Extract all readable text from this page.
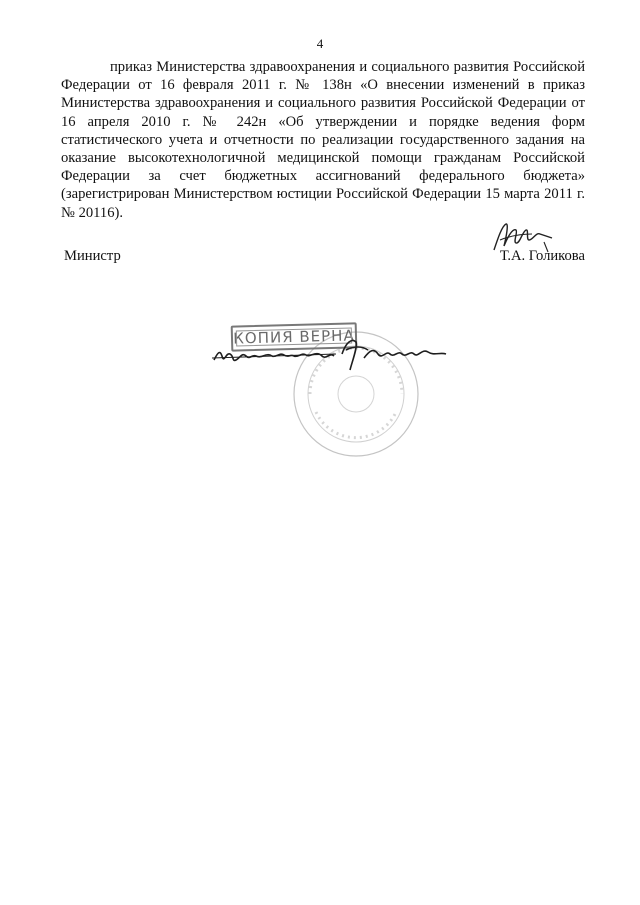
4

приказ Министерства здравоохранения и социального развития Российской Федерации от 16 февраля 2011 г. № 138н «О внесении изменений в приказ Министерства здравоохранения и социального развития Российской Федерации от 16 апреля 2010 г. № 242н «Об утверждении и порядке ведения форм статистического учета и отчетности по реализации государственного задания на оказание высокотехнологичной медицинской помощи гражданам Российской Федерации за счет бюджетных ассигнований федерального бюджета» (зарегистрирован Министерством юстиции Российской Федерации 15 марта 2011 г. № 20116).

Министр	Т.А. Голикова
КОПИЯ ВЕРНА
